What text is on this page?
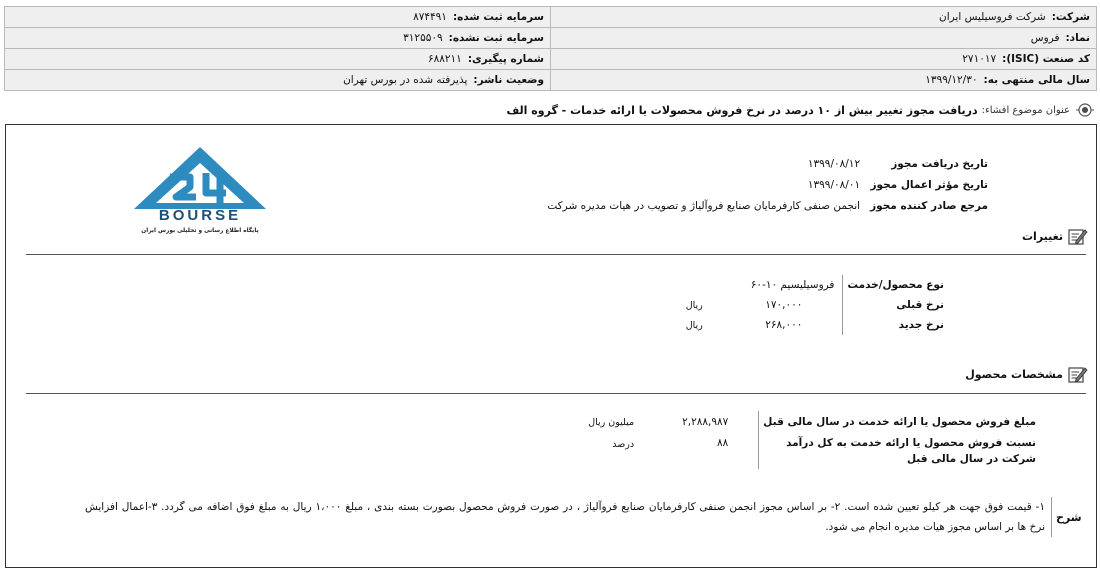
شرکت:شرکت فروسیلیس ایران	سرمایه ثبت شده:۸۷۴۴۹۱
نماد:فروس	سرمایه ثبت نشده:۳۱۲۵۵۰۹
کد صنعت (ISIC):۲۷۱۰۱۷	شماره پیگیری:۶۸۸۲۱۱
سال مالی منتهی به:۱۳۹۹/۱۲/۳۰	وضعیت ناشر:پذیرفته شده در بورس تهران
عنوان موضوع افشاء:
دریافت مجوز تغییر بیش از ۱۰ درصد در نرخ فروش محصولات یا ارائه خدمات - گروه الف
تاریخ دریافت مجوز	۱۳۹۹/۰۸/۱۲
تاریخ مؤثر اعمال مجوز	۱۳۹۹/۰۸/۰۱
مرجع صادر کننده مجوز	انجمن صنفی کارفرمایان صنایع فروآلیاژ و تصویب در هیات مدیره شرکت
BOURSE
پایگاه اطلاع رسانی و تحلیلی بورس ایران	تغییرات
نوع محصول/خدمت	فروسیلیسیم ۱۰-۶۰	
نرخ قبلی	۱۷۰,۰۰۰	ریال
نرخ جدید	۲۶۸,۰۰۰	ریال
مشخصات محصول
مبلغ فروش محصول یا ارائه خدمت در سال مالی قبل	۲,۲۸۸,۹۸۷	میلیون ریال

نسبت فروش محصول یا ارائه خدمت به کل درآمد
شرکت در سال مالی قبل	۸۸	درصد
شرح
۱- قیمت فوق جهت هر کیلو تعیین شده است. ۲- بر اساس مجوز انجمن صنفی کارفرمایان صنایع فروآلیاژ ، در صورت فروش محصول بصورت بسته بندی ، مبلغ ۱،۰۰۰ ریال به مبلغ فوق اضافه می گردد. ۳-اعمال افزایش نرخ ها بر اساس مجوز هیات مدیره انجام می شود.
